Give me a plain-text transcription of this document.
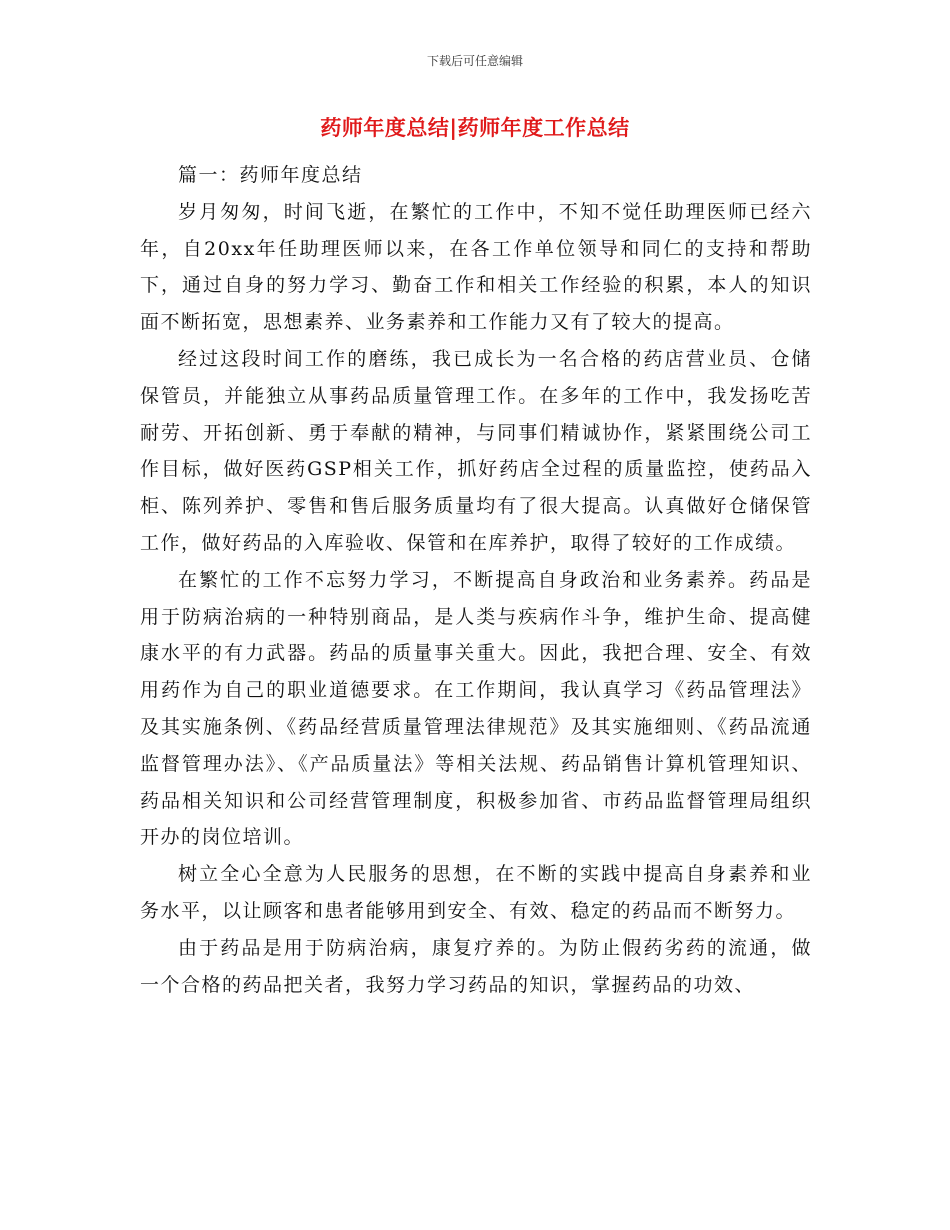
下载后可任意编辑
药师年度总结|药师年度工作总结

篇一：药师年度总结

岁月匆匆，时间飞逝，在繁忙的工作中，不知不觉任助理医师已经六年，自20xx年任助理医师以来，在各工作单位领导和同仁的支持和帮助下，通过自身的努力学习、勤奋工作和相关工作经验的积累，本人的知识面不断拓宽，思想素养、业务素养和工作能力又有了较大的提高。

经过这段时间工作的磨练，我已成长为一名合格的药店营业员、仓储保管员，并能独立从事药品质量管理工作。在多年的工作中，我发扬吃苦耐劳、开拓创新、勇于奉献的精神，与同事们精诚协作，紧紧围绕公司工作目标，做好医药GSP相关工作，抓好药店全过程的质量监控，使药品入柜、陈列养护、零售和售后服务质量均有了很大提高。认真做好仓储保管工作，做好药品的入库验收、保管和在库养护，取得了较好的工作成绩。

在繁忙的工作不忘努力学习，不断提高自身政治和业务素养。药品是用于防病治病的一种特别商品，是人类与疾病作斗争，维护生命、提高健康水平的有力武器。药品的质量事关重大。因此，我把合理、安全、有效用药作为自己的职业道德要求。在工作期间，我认真学习《药品管理法》及其实施条例、《药品经营质量管理法律规范》及其实施细则、《药品流通监督管理办法》、《产品质量法》等相关法规、药品销售计算机管理知识、药品相关知识和公司经营管理制度，积极参加省、市药品监督管理局组织开办的岗位培训。

树立全心全意为人民服务的思想，在不断的实践中提高自身素养和业务水平，以让顾客和患者能够用到安全、有效、稳定的药品而不断努力。

由于药品是用于防病治病，康复疗养的。为防止假药劣药的流通，做一个合格的药品把关者，我努力学习药品的知识，掌握药品的功效、
